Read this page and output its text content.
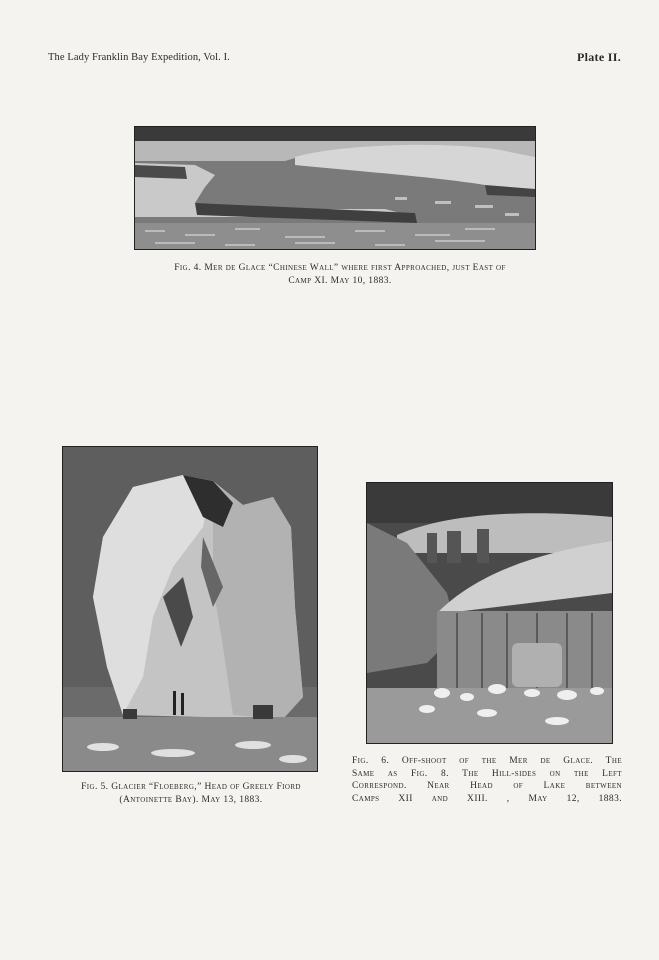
The Lady Franklin Bay Expedition, Vol. I.	Plate II.
Fig. 4. Mer de Glace “Chinese Wall” where first Approached, just East of
Camp XI. May 10, 1883.
Fig. 5. Glacier “Floeberg,” Head of Greely Fiord
(Antoinette Bay). May 13, 1883.
Fig. 6. Off-shoot of the Mer de Glace. The
Same as Fig. 8. The Hill-sides on the Left
Correspond. Near Head of Lake between
Camps XII and XIII. , May 12, 1883.
